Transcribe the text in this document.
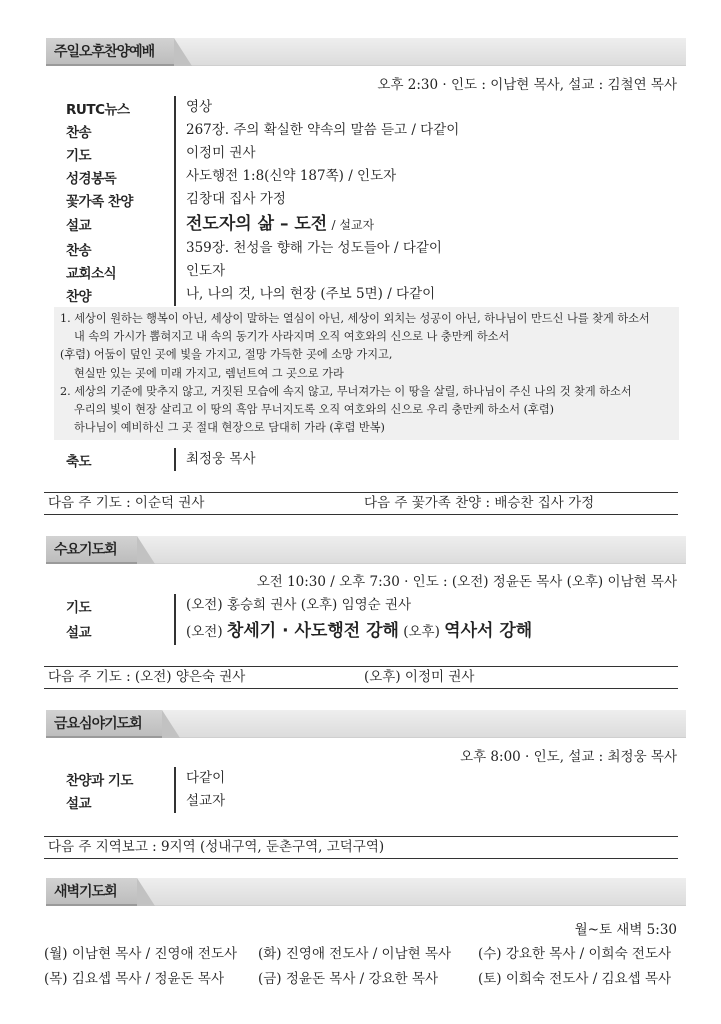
주일오후찬양예배
오후 2:30 · 인도 : 이남현 목사, 설교 : 김철연 목사
RUTC뉴스	영상
찬송	267장. 주의 확실한 약속의 말씀 듣고 / 다같이
기도	이정미 권사
성경봉독	사도행전 1:8(신약 187쪽) / 인도자
꽃가족 찬양	김창대 집사 가정
설교	전도자의 삶 – 도전 / 설교자
찬송	359장. 천성을 향해 가는 성도들아 / 다같이
교회소식	인도자
찬양	나, 나의 것, 나의 현장 (주보 5면) / 다같이
1. 세상이 원하는 행복이 아닌, 세상이 말하는 열심이 아닌, 세상이 외치는 성공이 아닌, 하나님이 만드신 나를 찾게 하소서
내 속의 가시가 뽑혀지고 내 속의 동기가 사라지며 오직 여호와의 신으로 나 충만케 하소서
(후렴) 어둠이 덮인 곳에 빛을 가지고, 절망 가득한 곳에 소망 가지고,
현실만 있는 곳에 미래 가지고, 렘넌트여 그 곳으로 가라
2. 세상의 기준에 맞추지 않고, 거짓된 모습에 속지 않고, 무너져가는 이 땅을 살릴, 하나님이 주신 나의 것 찾게 하소서
우리의 빛이 현장 살리고 이 땅의 흑암 무너지도록 오직 여호와의 신으로 우리 충만케 하소서 (후렴)
하나님이 예비하신 그 곳 절대 현장으로 담대히 가라 (후렴 반복)
축도	최정웅 목사
다음 주 기도 : 이순덕 권사	다음 주 꽃가족 찬양 : 배승찬 집사 가정
수요기도회
오전 10:30 / 오후 7:30 · 인도 : (오전) 정윤돈 목사 (오후) 이남현 목사
기도	(오전) 홍승희 권사 (오후) 임영순 권사
설교	(오전) 창세기 · 사도행전 강해 (오후) 역사서 강해
다음 주 기도 : (오전) 양은숙 권사	(오후) 이정미 권사
금요심야기도회
오후 8:00 · 인도, 설교 : 최정웅 목사
찬양과 기도	다같이
설교	설교자
다음 주 지역보고 : 9지역 (성내구역, 둔촌구역, 고덕구역)
새벽기도회
월~토 새벽 5:30
(월) 이남현 목사 / 진영애 전도사 (화) 진영애 전도사 / 이남현 목사 (수) 강요한 목사 / 이희숙 전도사
(목) 김요셉 목사 / 정윤돈 목사	(금) 정윤돈 목사 / 강요한 목사	(토) 이희숙 전도사 / 김요셉 목사
